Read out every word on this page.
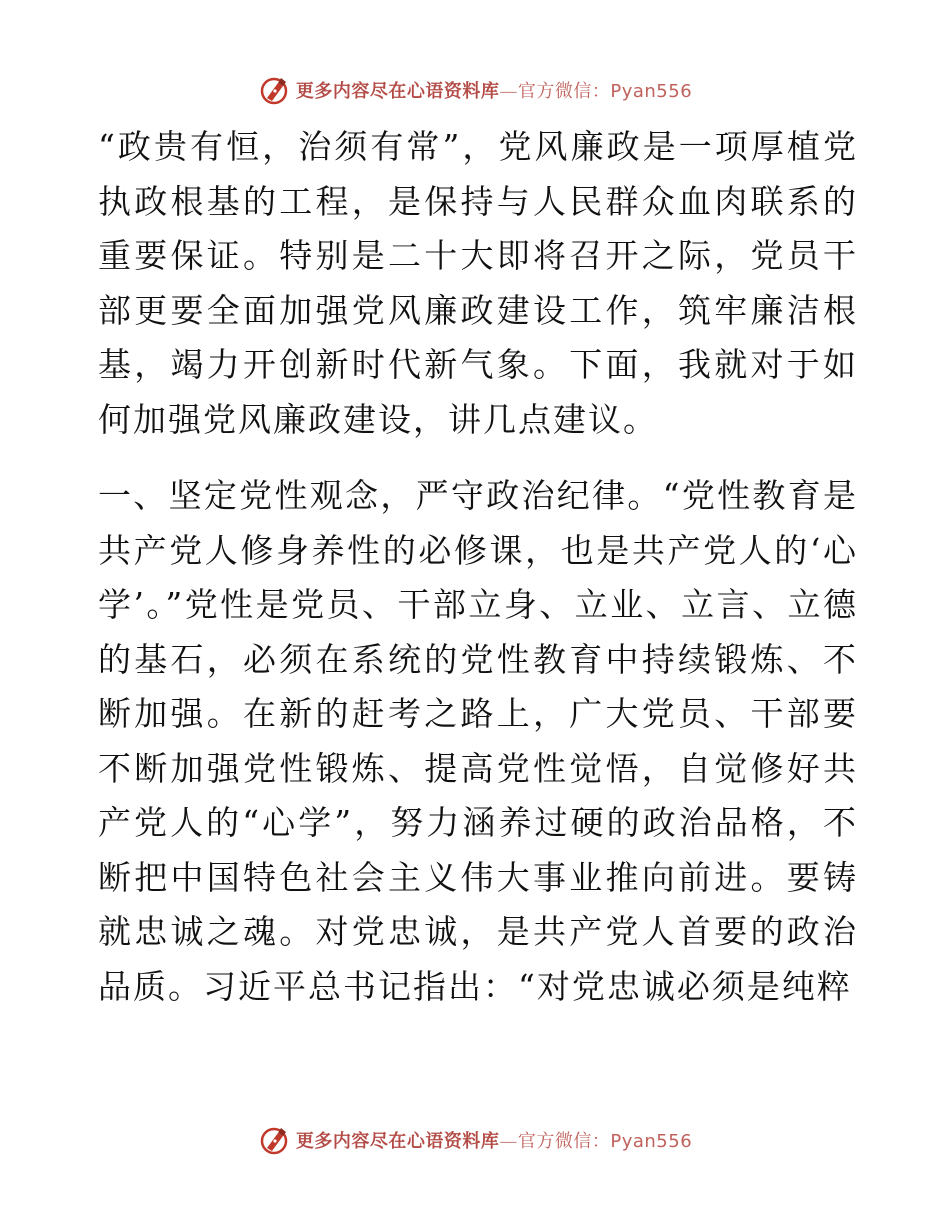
更多内容尽在心语资料库—官方微信：Pyan556

“政贵有恒，治须有常”，党风廉政是一项厚植党执政根基的工程，是保持与人民群众血肉联系的重要保证。特别是二十大即将召开之际，党员干部更要全面加强党风廉政建设工作，筑牢廉洁根基，竭力开创新时代新气象。下面，我就对于如何加强党风廉政建设，讲几点建议。

一、坚定党性观念，严守政治纪律。“党性教育是共产党人修身养性的必修课，也是共产党人的‘心学’。”党性是党员、干部立身、立业、立言、立德的基石，必须在系统的党性教育中持续锻炼、不断加强。在新的赶考之路上，广大党员、干部要不断加强党性锻炼、提高党性觉悟，自觉修好共产党人的“心学”，努力涵养过硬的政治品格，不断把中国特色社会主义伟大事业推向前进。要铸就忠诚之魂。对党忠诚，是共产党人首要的政治品质。习近平总书记指出：“对党忠诚必须是纯粹

更多内容尽在心语资料库—官方微信：Pyan556
